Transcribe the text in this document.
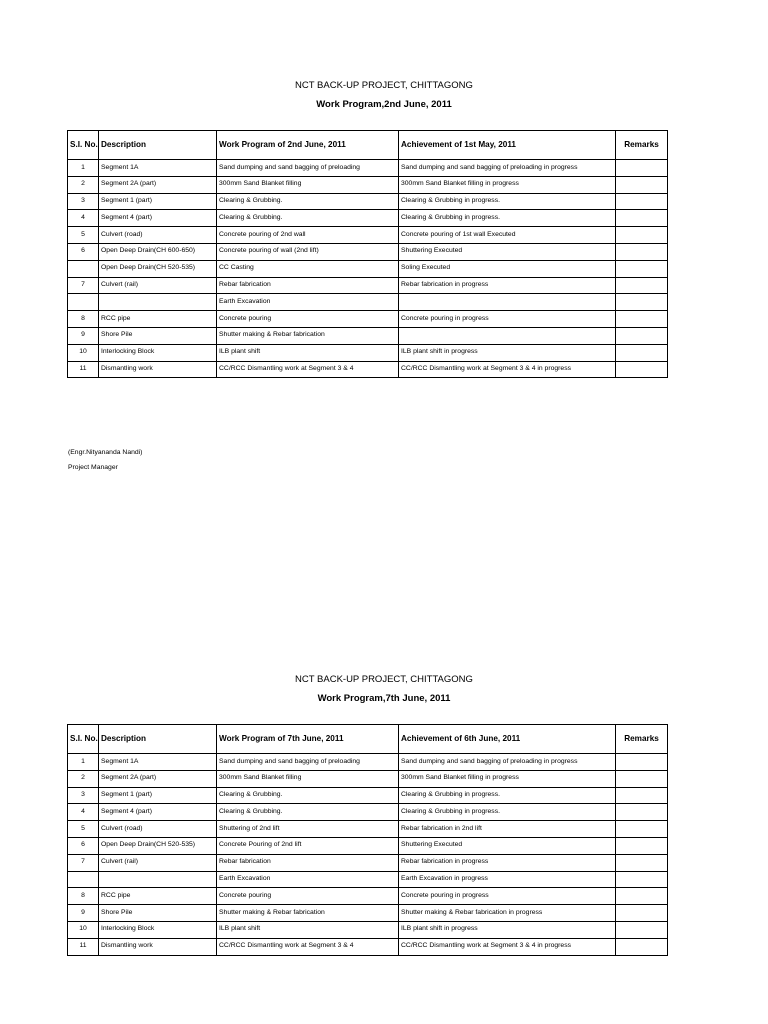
NCT BACK-UP PROJECT, CHITTAGONG
Work Program,2nd June, 2011
S.I. No.	Description	Work Program of 2nd June, 2011	Achievement of 1st May, 2011	Remarks
1	Segment 1A	Sand dumping and sand bagging of preloading	Sand dumping and sand bagging of preloading in progress	
2	Segment 2A (part)	300mm Sand Blanket filling	300mm Sand Blanket filling in progress	
3	Segment 1 (part)	Clearing & Grubbing.	Clearing & Grubbing in progress.	
4	Segment 4 (part)	Clearing & Grubbing.	Clearing & Grubbing in progress.	
5	Culvert (road)	Concrete pouring of 2nd wall	Concrete pouring of 1st wall Executed	
6	Open Deep Drain(CH 600-650)	Concrete pouring of wall (2nd lift)	Shuttering Executed	
	Open Deep Drain(CH 520-535)	CC Casting	Soling Executed	
7	Culvert (rail)	Rebar fabrication	Rebar fabrication in progress	
		Earth Excavation		
8	RCC pipe	Concrete pouring	Concrete pouring in progress	
9	Shore Pile	Shutter making & Rebar fabrication		
10	Interlocking Block	ILB plant shift	ILB plant shift in progress	
11	Dismantling work	CC/RCC Dismantling work at Segment 3 & 4	CC/RCC Dismantling work at Segment 3 & 4 in progress	
(Engr.Nityananda Nandi)
Project Manager
NCT BACK-UP PROJECT, CHITTAGONG
Work Program,7th June, 2011
S.I. No.	Description	Work Program of 7th June, 2011	Achievement of 6th June, 2011	Remarks
1	Segment 1A	Sand dumping and sand bagging of preloading	Sand dumping and sand bagging of preloading in progress	
2	Segment 2A (part)	300mm Sand Blanket filling	300mm Sand Blanket filling in progress	
3	Segment 1 (part)	Clearing & Grubbing.	Clearing & Grubbing in progress.	
4	Segment 4 (part)	Clearing & Grubbing.	Clearing & Grubbing in progress.	
5	Culvert (road)	Shuttering of 2nd lift	Rebar fabrication in 2nd lift	
6	Open Deep Drain(CH 520-535)	Concrete Pouring of 2nd lift	Shuttering Executed	
7	Culvert (rail)	Rebar fabrication	Rebar fabrication in progress	
		Earth Excavation	Earth Excavation in progress	
8	RCC pipe	Concrete pouring	Concrete pouring in progress	
9	Shore Pile	Shutter making & Rebar fabrication	Shutter making & Rebar fabrication in progress	
10	Interlocking Block	ILB plant shift	ILB plant shift in progress	
11	Dismantling work	CC/RCC Dismantling work at Segment 3 & 4	CC/RCC Dismantling work at Segment 3 & 4 in progress	
